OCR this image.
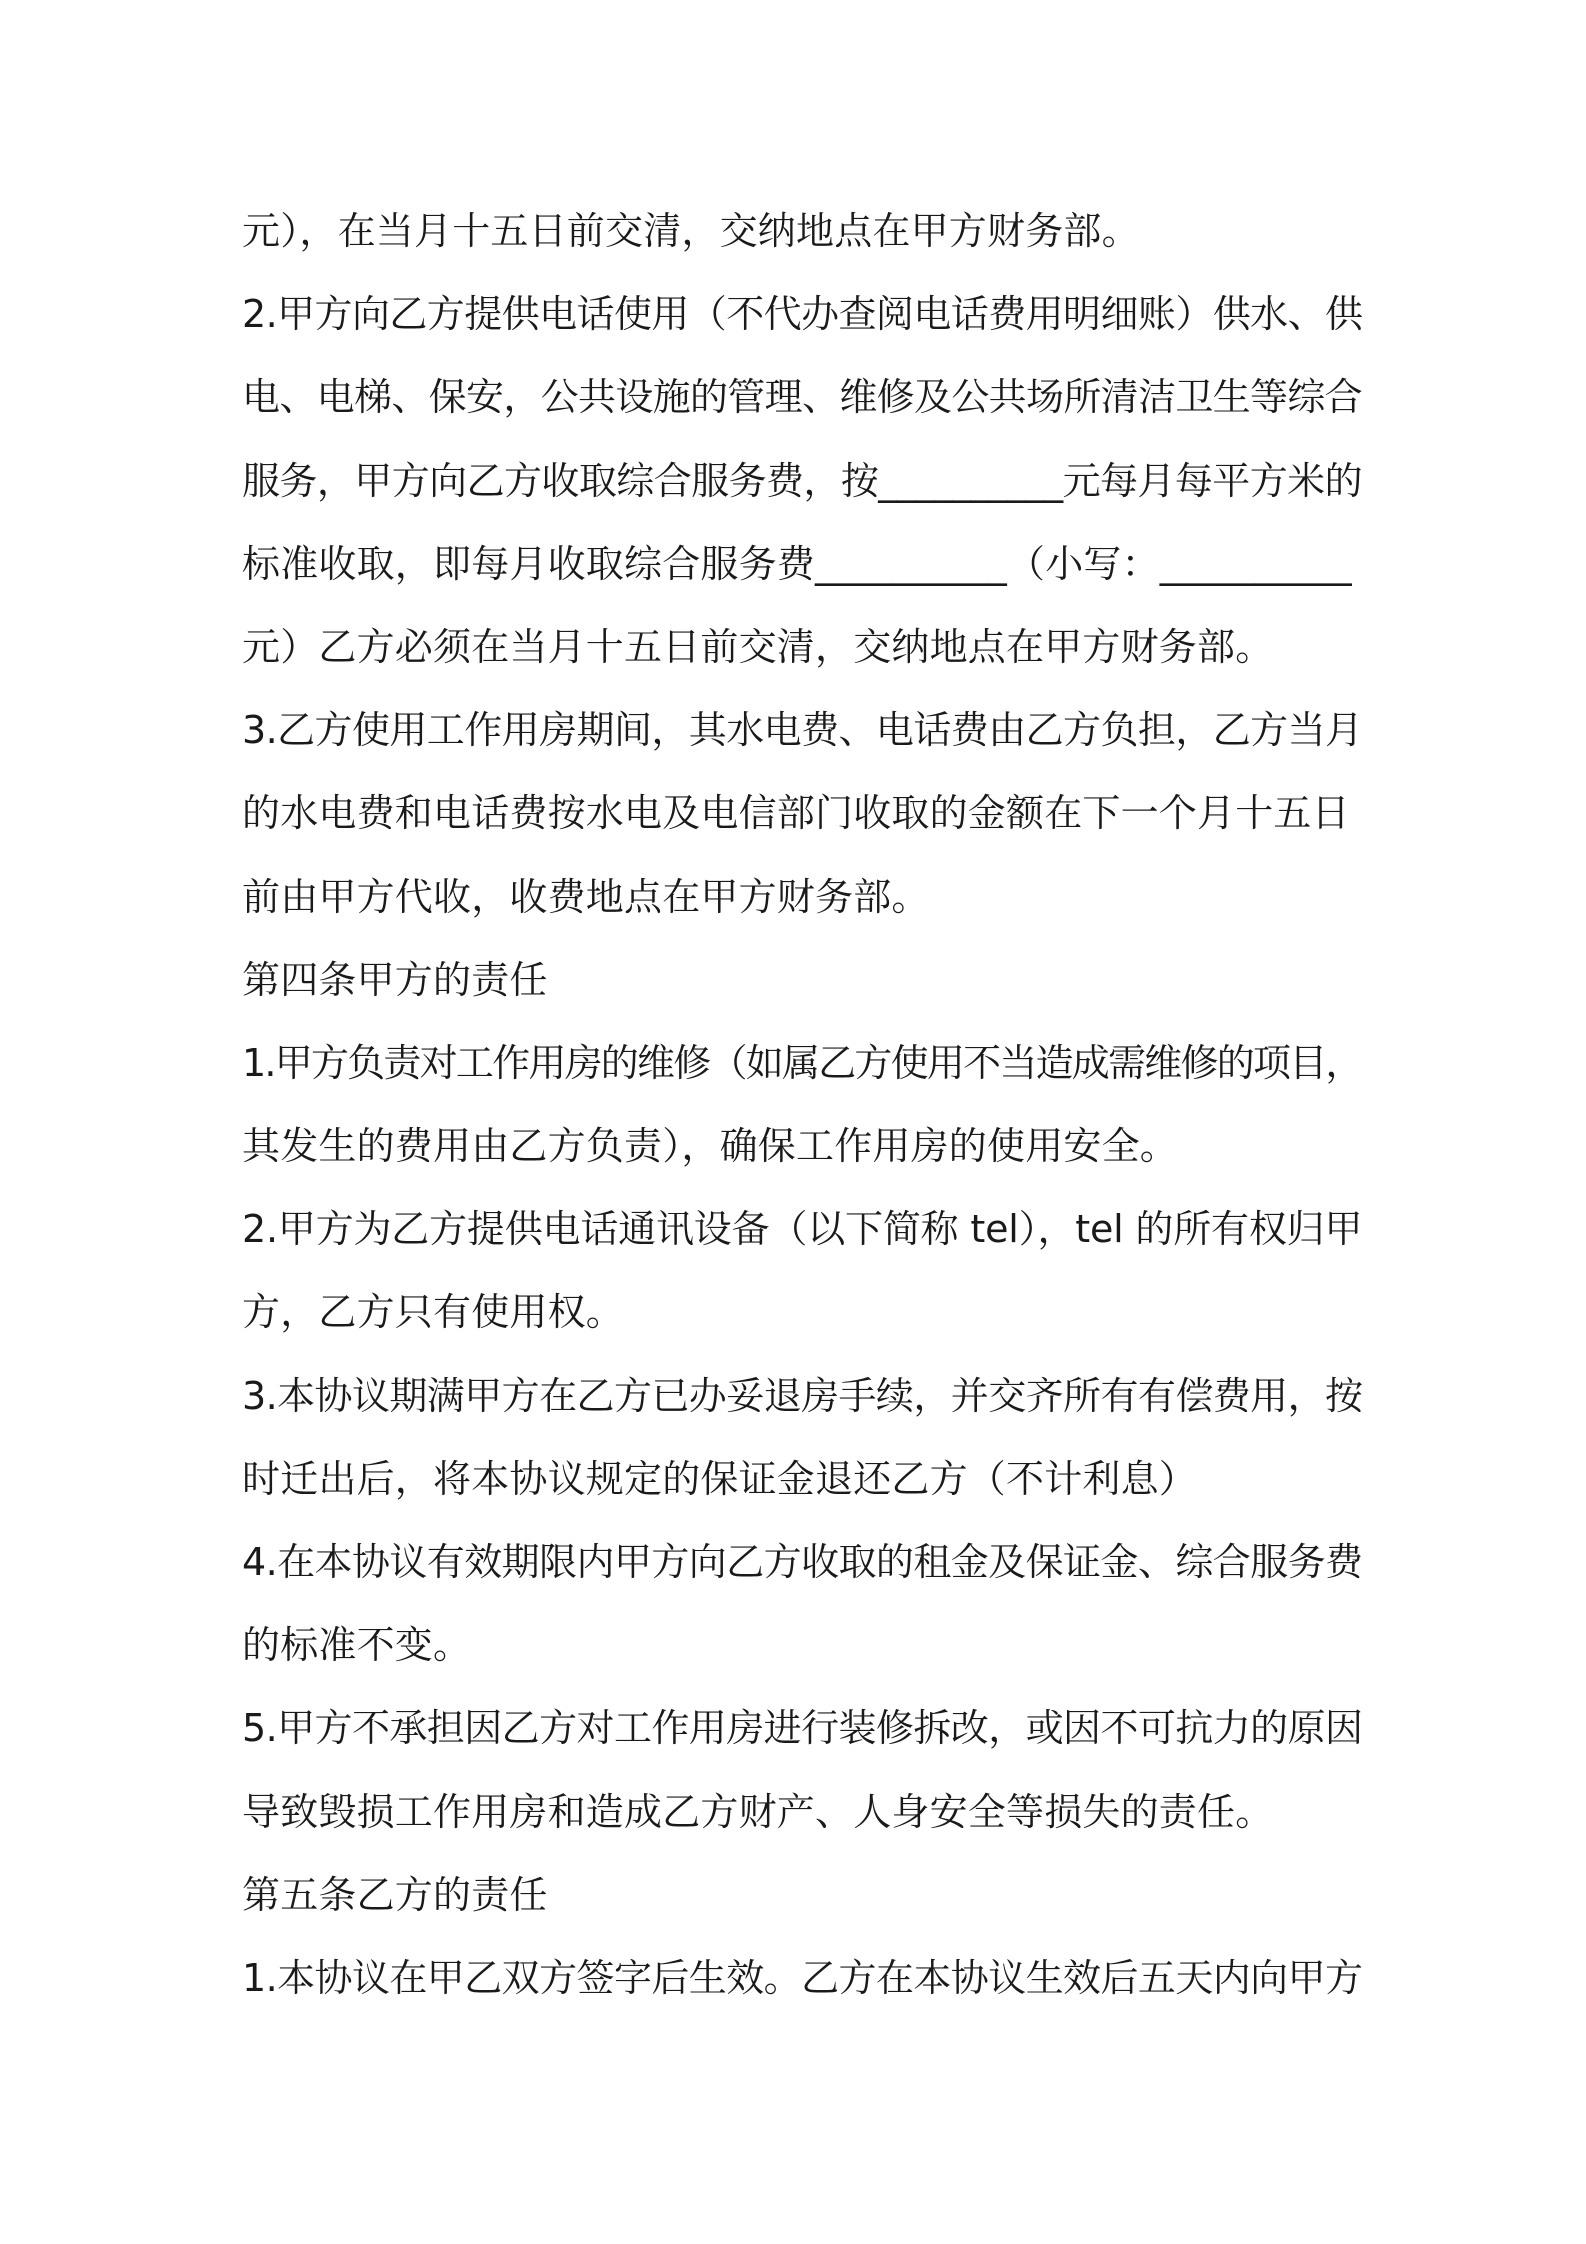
元），在当月十五日前交清，交纳地点在甲方财务部。
2.甲方向乙方提供电话使用（不代办查阅电话费用明细账）供水、供
电、电梯、保安，公共设施的管理、维修及公共场所清洁卫生等综合
服务，甲方向乙方收取综合服务费，按__________元每月每平方米的
标准收取，即每月收取综合服务费__________（小写：__________
元）乙方必须在当月十五日前交清，交纳地点在甲方财务部。
3.乙方使用工作用房期间，其水电费、电话费由乙方负担，乙方当月
的水电费和电话费按水电及电信部门收取的金额在下一个月十五日
前由甲方代收，收费地点在甲方财务部。
第四条甲方的责任
1.甲方负责对工作用房的维修（如属乙方使用不当造成需维修的项目，
其发生的费用由乙方负责），确保工作用房的使用安全。
2.甲方为乙方提供电话通讯设备（以下简称 tel），tel 的所有权归甲
方，乙方只有使用权。
3.本协议期满甲方在乙方已办妥退房手续，并交齐所有有偿费用，按
时迁出后，将本协议规定的保证金退还乙方（不计利息）
4.在本协议有效期限内甲方向乙方收取的租金及保证金、综合服务费
的标准不变。
5.甲方不承担因乙方对工作用房进行装修拆改，或因不可抗力的原因
导致毁损工作用房和造成乙方财产、人身安全等损失的责任。
第五条乙方的责任
1.本协议在甲乙双方签字后生效。乙方在本协议生效后五天内向甲方
